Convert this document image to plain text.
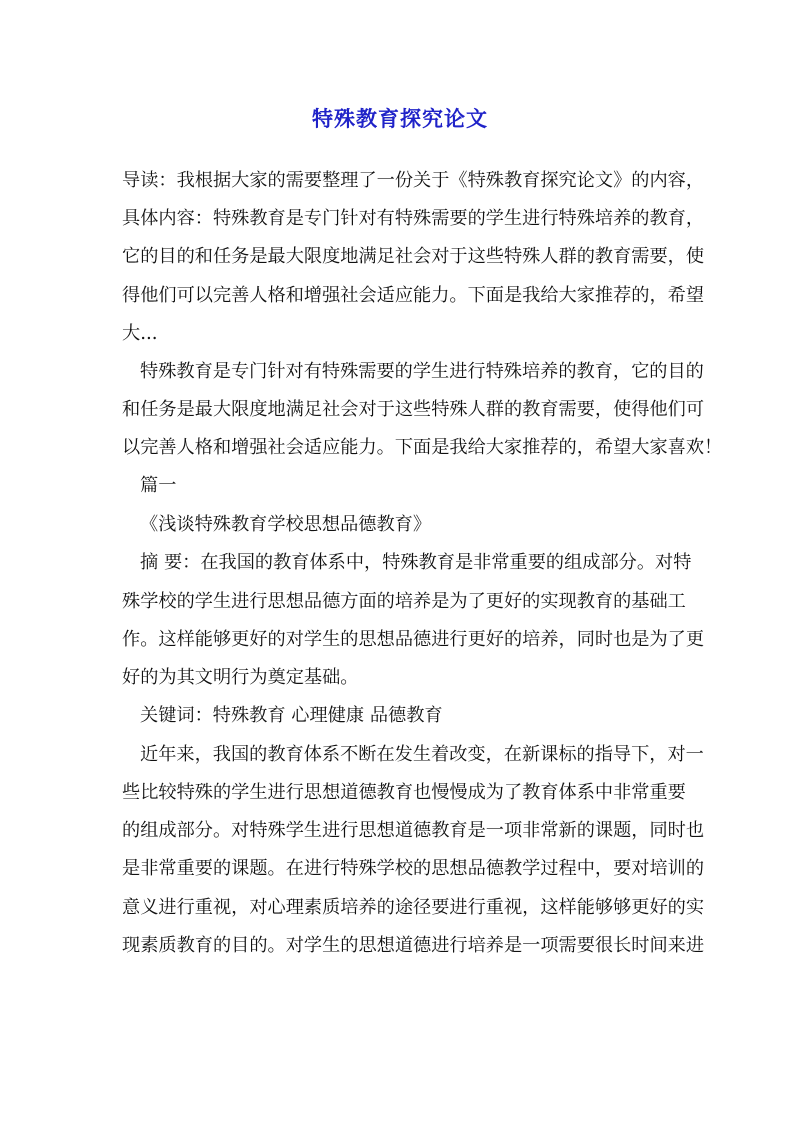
特殊教育探究论文
导读：我根据大家的需要整理了一份关于《特殊教育探究论文》的内容，
具体内容：特殊教育是专门针对有特殊需要的学生进行特殊培养的教育，
它的目的和任务是最大限度地满足社会对于这些特殊人群的教育需要，使
得他们可以完善人格和增强社会适应能力。下面是我给大家推荐的，希望
大...
特殊教育是专门针对有特殊需要的学生进行特殊培养的教育，它的目的
和任务是最大限度地满足社会对于这些特殊人群的教育需要，使得他们可
以完善人格和增强社会适应能力。下面是我给大家推荐的，希望大家喜欢！
篇一
《浅谈特殊教育学校思想品德教育》
摘 要：在我国的教育体系中，特殊教育是非常重要的组成部分。对特
殊学校的学生进行思想品德方面的培养是为了更好的实现教育的基础工
作。这样能够更好的对学生的思想品德进行更好的培养，同时也是为了更
好的为其文明行为奠定基础。
关键词：特殊教育 心理健康 品德教育
近年来，我国的教育体系不断在发生着改变，在新课标的指导下，对一
些比较特殊的学生进行思想道德教育也慢慢成为了教育体系中非常重要
的组成部分。对特殊学生进行思想道德教育是一项非常新的课题，同时也
是非常重要的课题。在进行特殊学校的思想品德教学过程中，要对培训的
意义进行重视，对心理素质培养的途径要进行重视，这样能够够更好的实
现素质教育的目的。对学生的思想道德进行培养是一项需要很长时间来进
